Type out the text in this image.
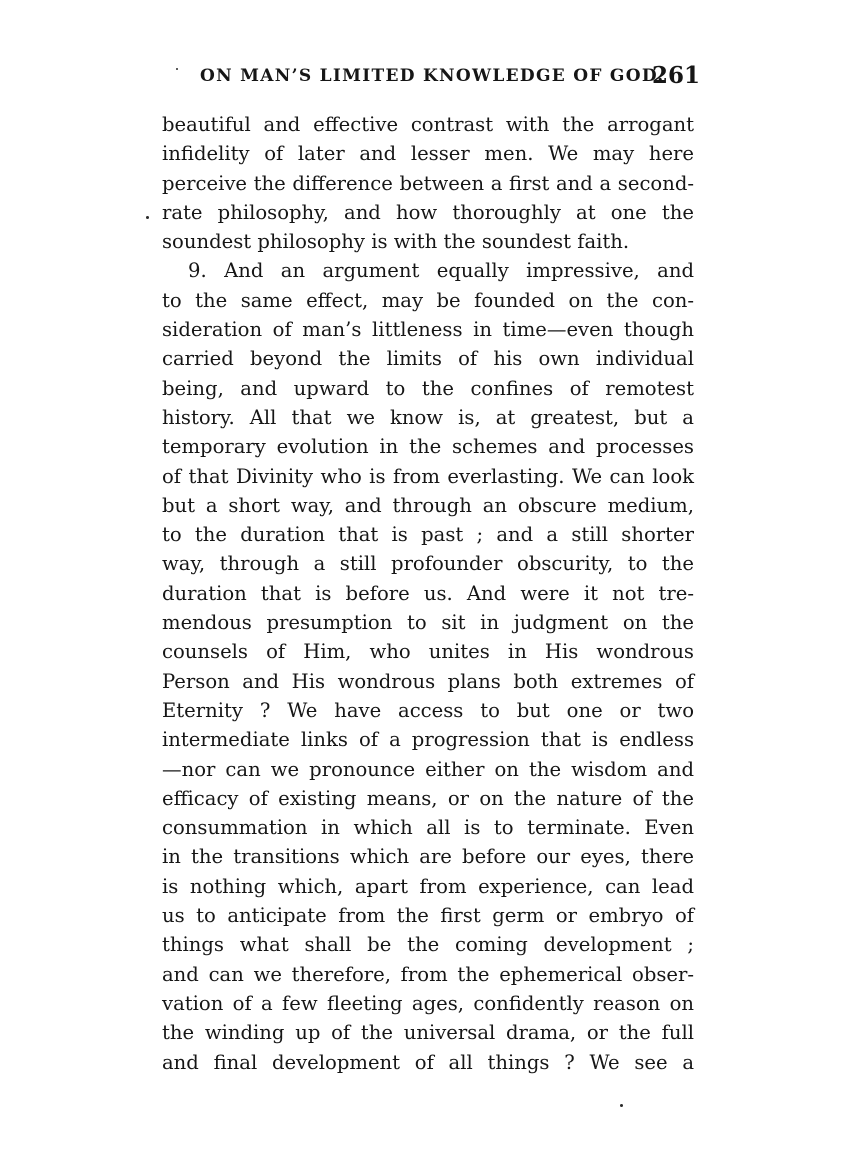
ON MAN’S LIMITED KNOWLEDGE OF GOD.
261
beautiful and effective contrast with the arrogant
infidelity of later and lesser men. We may here
perceive the difference between a first and a second-
rate philosophy, and how thoroughly at one the
soundest philosophy is with the soundest faith.
9. And an argument equally impressive, and
to the same effect, may be founded on the con-
sideration of man’s littleness in time—even though
carried beyond the limits of his own individual
being, and upward to the confines of remotest
history. All that we know is, at greatest, but a
temporary evolution in the schemes and processes
of that Divinity who is from everlasting. We can look
but a short way, and through an obscure medium,
to the duration that is past ; and a still shorter
way, through a still profounder obscurity, to the
duration that is before us. And were it not tre-
mendous presumption to sit in judgment on the
counsels of Him, who unites in His wondrous
Person and His wondrous plans both extremes of
Eternity ? We have access to but one or two
intermediate links of a progression that is endless
—nor can we pronounce either on the wisdom and
efficacy of existing means, or on the nature of the
consummation in which all is to terminate. Even
in the transitions which are before our eyes, there
is nothing which, apart from experience, can lead
us to anticipate from the first germ or embryo of
things what shall be the coming development ;
and can we therefore, from the ephemerical obser-
vation of a few fleeting ages, confidently reason on
the winding up of the universal drama, or the full
and final development of all things ? We see a
